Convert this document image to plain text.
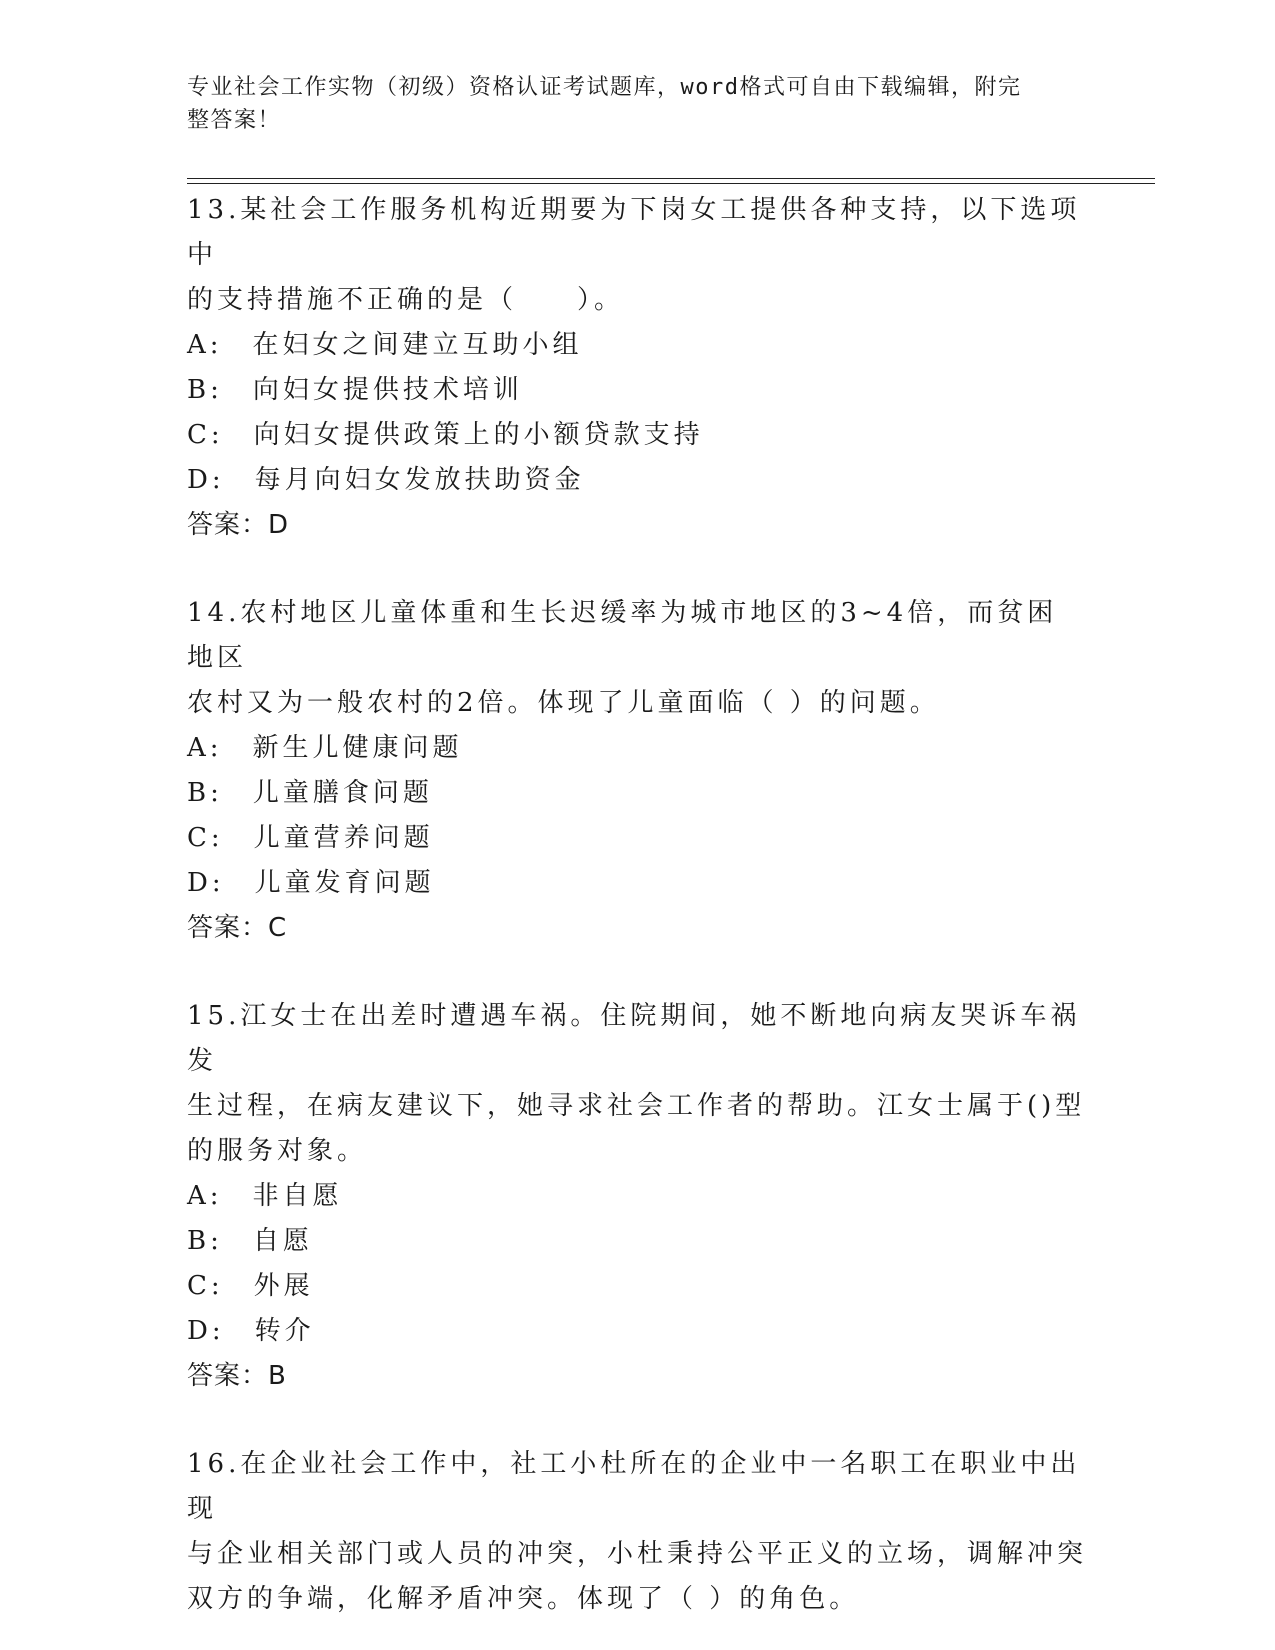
专业社会工作实物（初级）资格认证考试题库，word格式可自由下载编辑，附完
整答案！

13.某社会工作服务机构近期要为下岗女工提供各种支持，以下选项中

的支持措施不正确的是（　　）。

A:　在妇女之间建立互助小组

B:　向妇女提供技术培训

C:　向妇女提供政策上的小额贷款支持

D:　每月向妇女发放扶助资金

答案：D

14.农村地区儿童体重和生长迟缓率为城市地区的3~4倍，而贫困地区

农村又为一般农村的2倍。体现了儿童面临（ ）的问题。

A:　新生儿健康问题

B:　儿童膳食问题

C:　儿童营养问题

D:　儿童发育问题

答案：C

15.江女士在出差时遭遇车祸。住院期间，她不断地向病友哭诉车祸发

生过程，在病友建议下，她寻求社会工作者的帮助。江女士属于()型

的服务对象。

A:　非自愿

B:　自愿

C:　外展

D:　转介

答案：B

16.在企业社会工作中，社工小杜所在的企业中一名职工在职业中出现

与企业相关部门或人员的冲突，小杜秉持公平正义的立场，调解冲突

双方的争端，化解矛盾冲突。体现了（ ）的角色。
